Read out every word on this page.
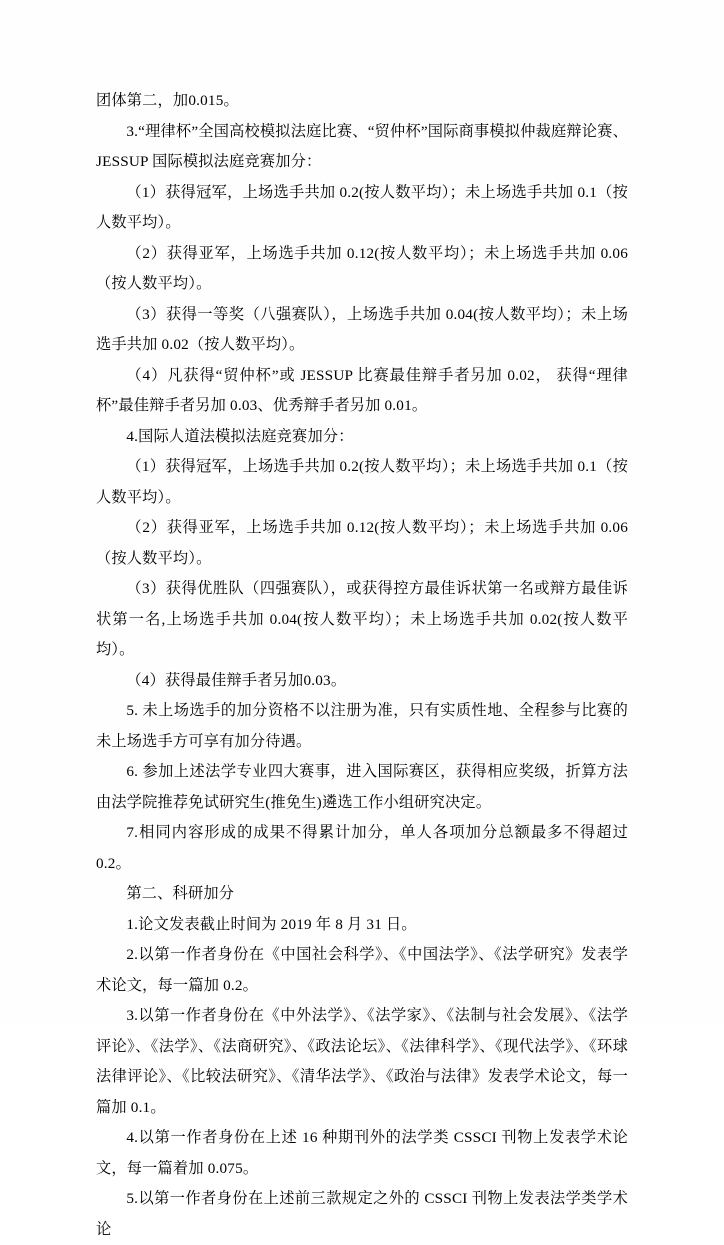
团体第二，加0.015。

3.“理律杯”全国高校模拟法庭比赛、“贸仲杯”国际商事模拟仲裁庭辩论赛、JESSUP 国际模拟法庭竞赛加分：

（1）获得冠军，上场选手共加 0.2(按人数平均）；未上场选手共加 0.1（按人数平均）。

（2）获得亚军，上场选手共加 0.12(按人数平均）；未上场选手共加 0.06（按人数平均）。

（3）获得一等奖（八强赛队），上场选手共加 0.04(按人数平均）；未上场选手共加 0.02（按人数平均）。

（4）凡获得“贸仲杯”或 JESSUP 比赛最佳辩手者另加 0.02， 获得“理律杯”最佳辩手者另加 0.03、优秀辩手者另加 0.01。

4.国际人道法模拟法庭竞赛加分：

（1）获得冠军，上场选手共加 0.2(按人数平均）；未上场选手共加 0.1（按人数平均）。

（2）获得亚军，上场选手共加 0.12(按人数平均）；未上场选手共加 0.06（按人数平均）。

（3）获得优胜队（四强赛队），或获得控方最佳诉状第一名或辩方最佳诉状第一名,上场选手共加 0.04(按人数平均）；未上场选手共加 0.02(按人数平均）。

（4）获得最佳辩手者另加0.03。

5. 未上场选手的加分资格不以注册为准，只有实质性地、全程参与比赛的未上场选手方可享有加分待遇。

6. 参加上述法学专业四大赛事，进入国际赛区，获得相应奖级，折算方法由法学院推荐免试研究生(推免生)遴选工作小组研究决定。

7.相同内容形成的成果不得累计加分，单人各项加分总额最多不得超过0.2。

第二、科研加分

1.论文发表截止时间为 2019 年 8 月 31 日。

2.以第一作者身份在《中国社会科学》、《中国法学》、《法学研究》发表学术论文，每一篇加 0.2。

3.以第一作者身份在《中外法学》、《法学家》、《法制与社会发展》、《法学评论》、《法学》、《法商研究》、《政法论坛》、《法律科学》、《现代法学》、《环球法律评论》、《比较法研究》、《清华法学》、《政治与法律》发表学术论文，每一篇加 0.1。

4.以第一作者身份在上述 16 种期刊外的法学类 CSSCI 刊物上发表学术论文，每一篇着加 0.075。

5.以第一作者身份在上述前三款规定之外的 CSSCI 刊物上发表法学类学术论
